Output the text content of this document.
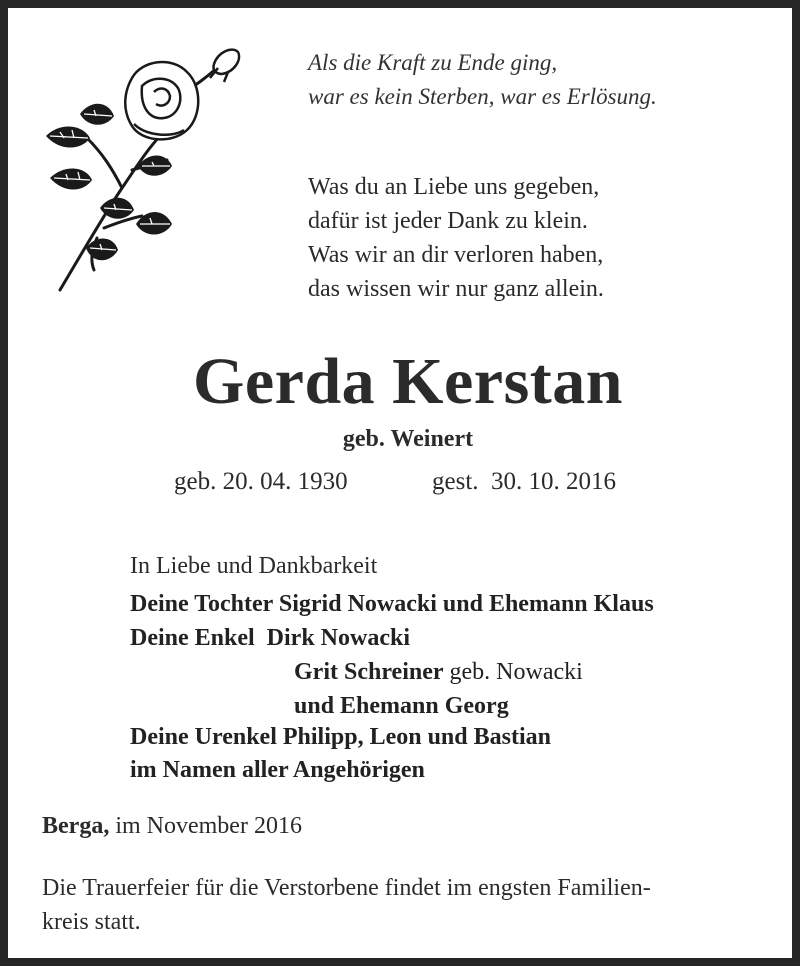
Als die Kraft zu Ende ging,
war es kein Sterben, war es Erlösung.
Was du an Liebe uns gegeben,
dafür ist jeder Dank zu klein.
Was wir an dir verloren haben,
das wissen wir nur ganz allein.
Gerda Kerstan
geb. Weinert
geb. 20. 04. 1930	gest.  30. 10. 2016
In Liebe und Dankbarkeit
Deine Tochter Sigrid Nowacki und Ehemann Klaus
Deine Enkel  Dirk Nowacki
Grit Schreiner geb. Nowacki
und Ehemann Georg
Deine Urenkel Philipp, Leon und Bastian
im Namen aller Angehörigen
Berga, im November 2016
Die Trauerfeier für die Verstorbene findet im engsten Familien-
kreis statt.
